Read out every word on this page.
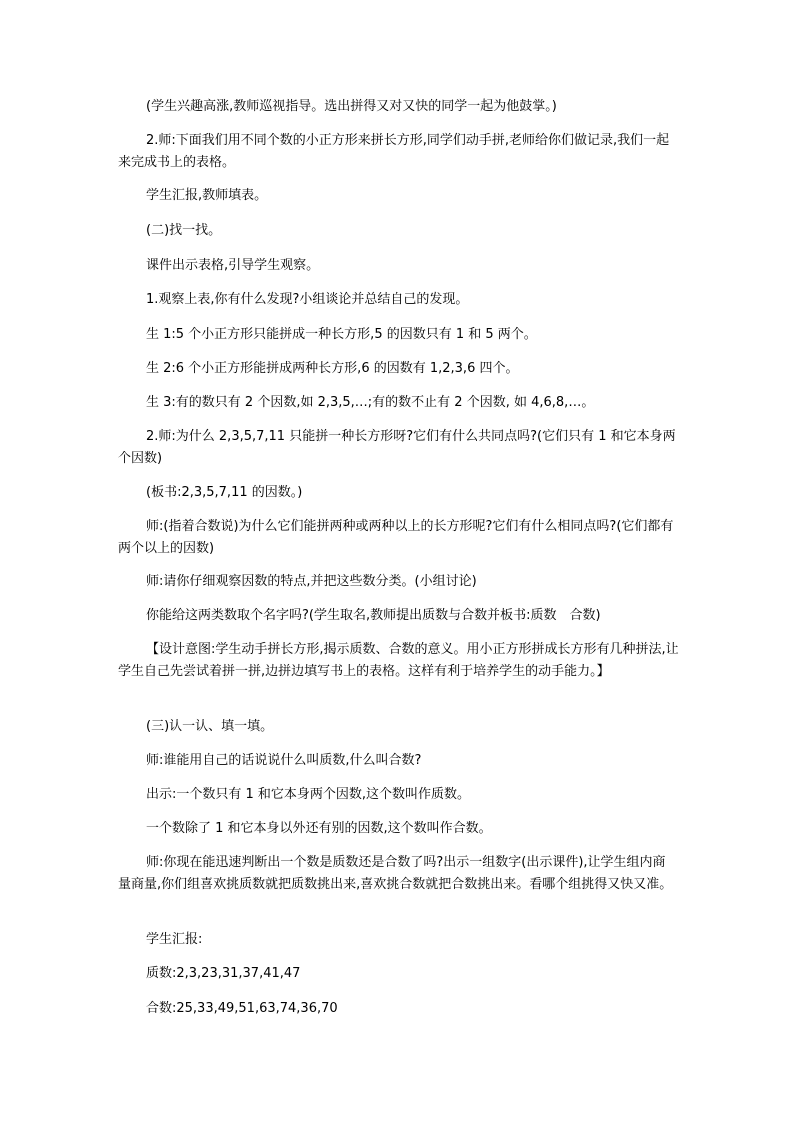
(学生兴趣高涨,教师巡视指导。选出拼得又对又快的同学一起为他鼓掌。)

2.师:下面我们用不同个数的小正方形来拼长方形,同学们动手拼,老师给你们做记录,我们一起来完成书上的表格。

学生汇报,教师填表。

(二)找一找。

课件出示表格,引导学生观察。

1.观察上表,你有什么发现?小组谈论并总结自己的发现。

生 1:5 个小正方形只能拼成一种长方形,5 的因数只有 1 和 5 两个。

生 2:6 个小正方形能拼成两种长方形,6 的因数有 1,2,3,6 四个。

生 3:有的数只有 2 个因数,如 2,3,5,…;有的数不止有 2 个因数, 如 4,6,8,…。

2.师:为什么 2,3,5,7,11 只能拼一种长方形呀?它们有什么共同点吗?(它们只有 1 和它本身两个因数)

(板书:2,3,5,7,11 的因数。)

师:(指着合数说)为什么它们能拼两种或两种以上的长方形呢?它们有什么相同点吗?(它们都有两个以上的因数)

师:请你仔细观察因数的特点,并把这些数分类。(小组讨论)

你能给这两类数取个名字吗?(学生取名,教师提出质数与合数并板书:质数　合数)

【设计意图:学生动手拼长方形,揭示质数、合数的意义。用小正方形拼成长方形有几种拼法,让学生自己先尝试着拼一拼,边拼边填写书上的表格。这样有利于培养学生的动手能力。】

(三)认一认、填一填。

师:谁能用自己的话说说什么叫质数,什么叫合数?

出示:一个数只有 1 和它本身两个因数,这个数叫作质数。

一个数除了 1 和它本身以外还有别的因数,这个数叫作合数。

师:你现在能迅速判断出一个数是质数还是合数了吗?出示一组数字(出示课件),让学生组内商量商量,你们组喜欢挑质数就把质数挑出来,喜欢挑合数就把合数挑出来。看哪个组挑得又快又准。

学生汇报:

质数:2,3,23,31,37,41,47

合数:25,33,49,51,63,74,36,70
